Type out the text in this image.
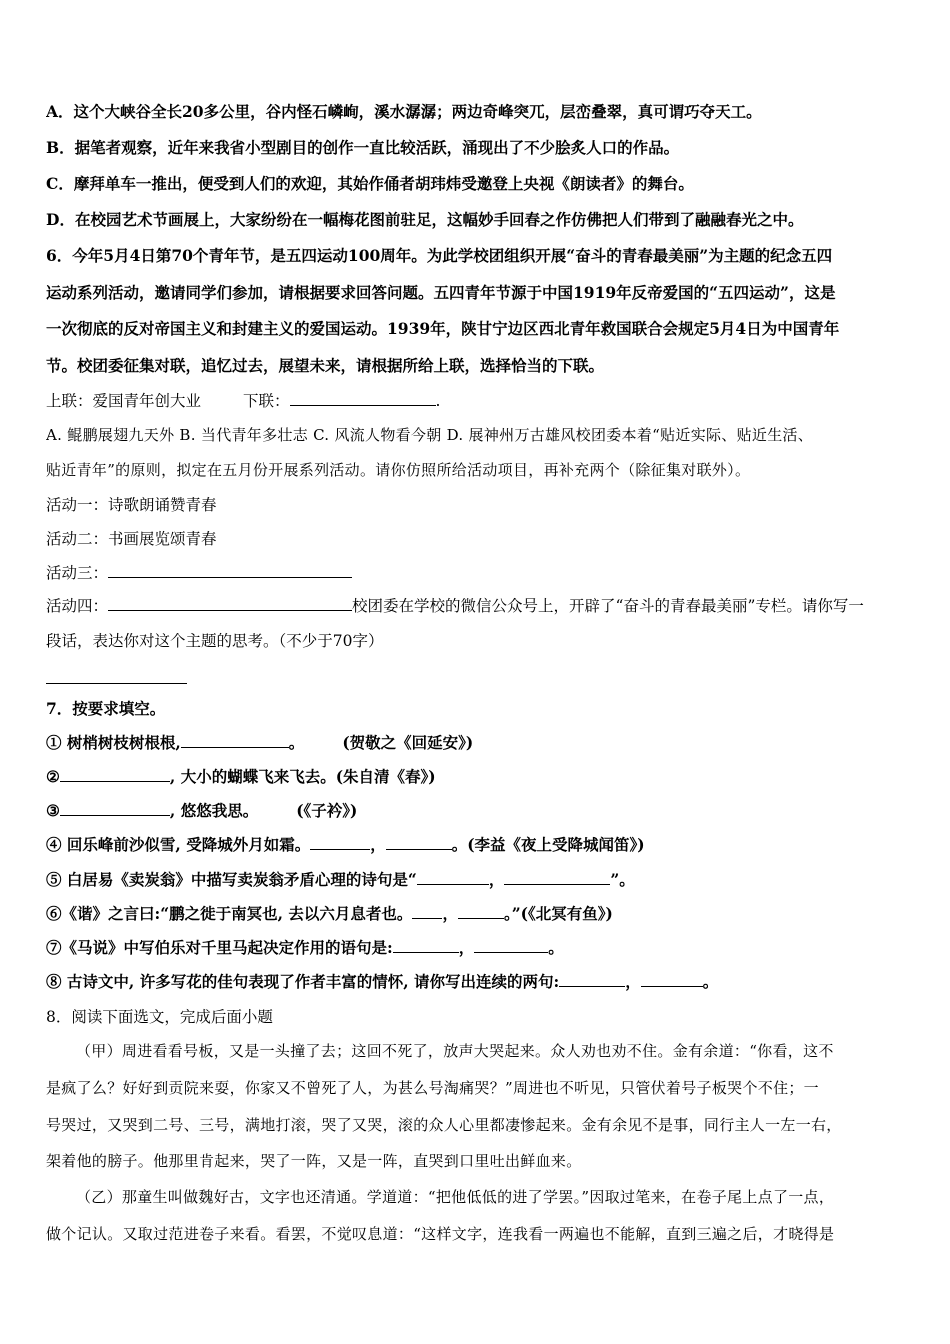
A．这个大峡谷全长20多公里，谷内怪石嶙峋，溪水潺潺；两边奇峰突兀，层峦叠翠，真可谓巧夺天工。
B．据笔者观察，近年来我省小型剧目的创作一直比较活跃，涌现出了不少脍炙人口的作品。
C．摩拜单车一推出，便受到人们的欢迎，其始作俑者胡玮炜受邀登上央视《朗读者》的舞台。
D．在校园艺术节画展上，大家纷纷在一幅梅花图前驻足，这幅妙手回春之作仿佛把人们带到了融融春光之中。
6．今年5月4日第70个青年节，是五四运动100周年。为此学校团组织开展“奋斗的青春最美丽”为主题的纪念五四
运动系列活动，邀请同学们参加，请根据要求回答问题。五四青年节源于中国1919年反帝爱国的“五四运动”，这是
一次彻底的反对帝国主义和封建主义的爱国运动。1939年，陕甘宁边区西北青年救国联合会规定5月4日为中国青年
节。校团委征集对联，追忆过去，展望未来，请根据所给上联，选择恰当的下联。
上联：爱国青年创大业	下联：	.
A. 鲲鹏展翅九天外 B. 当代青年多壮志 C. 风流人物看今朝 D. 展神州万古雄风校团委本着“贴近实际、贴近生活、
贴近青年”的原则，拟定在五月份开展系列活动。请你仿照所给活动项目，再补充两个（除征集对联外）。
活动一：诗歌朗诵赞青春
活动二：书画展览颂青春
活动三：
活动四：	校团委在学校的微信公众号上，开辟了“奋斗的青春最美丽”专栏。请你写一
段话，表达你对这个主题的思考。（不少于70字）
7．按要求填空。
① 树梢树枝树根根,	。 (贺敬之《回延安》)
②	, 大小的蝴蝶飞来飞去。(朱自清《春》)
③	, 悠悠我思。 (《子衿》)
④ 回乐峰前沙似雪, 受降城外月如霜。	，	。(李益《夜上受降城闻笛》)
⑤ 白居易《卖炭翁》中描写卖炭翁矛盾心理的诗句是“	，	”。
⑥《谐》之言曰:“鹏之徙于南冥也, 去以六月息者也。 ，	。”(《北冥有鱼》)
⑦《马说》中写伯乐对千里马起决定作用的语句是:	，	。
⑧ 古诗文中, 许多写花的佳句表现了作者丰富的情怀, 请你写出连续的两句:	，	。
8．阅读下面选文，完成后面小题
（甲）周进看看号板，又是一头撞了去；这回不死了，放声大哭起来。众人劝也劝不住。金有余道：“你看，这不
是疯了么？好好到贡院来耍，你家又不曾死了人，为甚么号淘痛哭？”周进也不听见，只管伏着号子板哭个不住；一
号哭过，又哭到二号、三号，满地打滚，哭了又哭，滚的众人心里都凄惨起来。金有余见不是事，同行主人一左一右，
架着他的膀子。他那里肯起来，哭了一阵，又是一阵，直哭到口里吐出鲜血来。
（乙）那童生叫做魏好古，文字也还清通。学道道：“把他低低的进了学罢。”因取过笔来，在卷子尾上点了一点，
做个记认。又取过范进卷子来看。看罢，不觉叹息道：“这样文字，连我看一两遍也不能解，直到三遍之后，才晓得是
